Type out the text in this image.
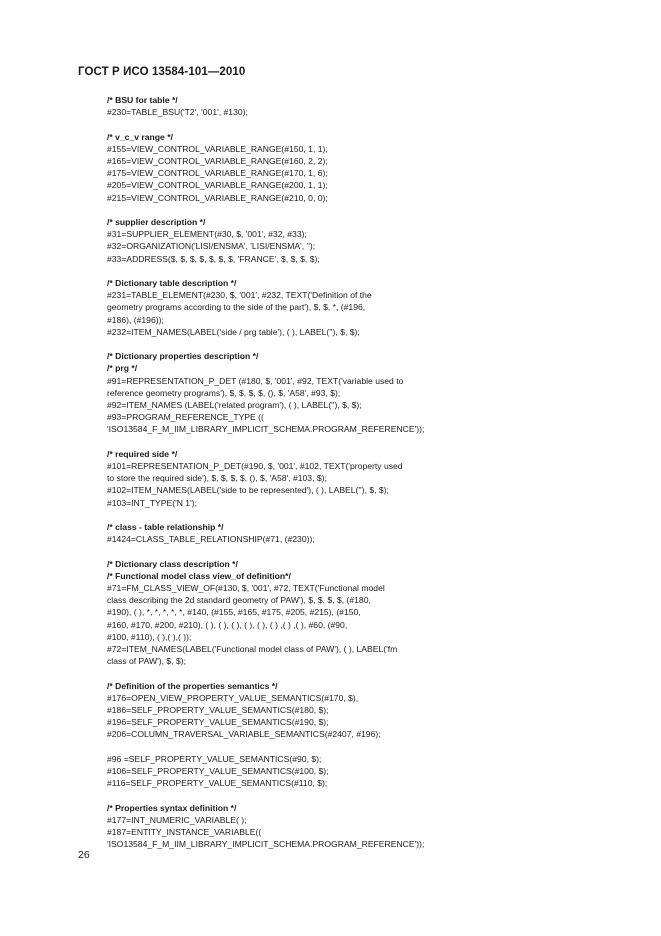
ГОСТ Р ИСО 13584-101—2010
/* BSU for table */
#230=TABLE_BSU('T2', '001', #130);
/* v_c_v range */
#155=VIEW_CONTROL_VARIABLE_RANGE(#150, 1, 1);
#165=VIEW_CONTROL_VARIABLE_RANGE(#160, 2, 2);
#175=VIEW_CONTROL_VARIABLE_RANGE(#170, 1, 6);
#205=VIEW_CONTROL_VARIABLE_RANGE(#200, 1, 1);
#215=VIEW_CONTROL_VARIABLE_RANGE(#210, 0, 0);
/* supplier description */
#31=SUPPLIER_ELEMENT(#30, $, '001', #32, #33);
#32=ORGANIZATION('LISI/ENSMA', 'LISI/ENSMA', '');
#33=ADDRESS($, $, $, $, $, $, $, 'FRANCE', $, $, $, $);
/* Dictionary table description */
#231=TABLE_ELEMENT(#230, $, '001', #232, TEXT('Definition of the
geometry programs according to the side of the part'), $, $, *, (#196,
#186), (#196));
#232=ITEM_NAMES(LABEL('side / prg table'), ( ), LABEL(''), $, $);
/* Dictionary properties description */
/* prg */
#91=REPRESENTATION_P_DET (#180, $, '001', #92, TEXT('variable used to
reference geometry programs'), $, $, $, $, (), $, 'A58', #93, $);
#92=ITEM_NAMES (LABEL('related program'), ( ), LABEL(''), $, $);
#93=PROGRAM_REFERENCE_TYPE ((
'ISO13584_F_M_IIM_LIBRARY_IMPLICIT_SCHEMA.PROGRAM_REFERENCE'));
/* required side */
#101=REPRESENTATION_P_DET(#190, $, '001', #102, TEXT('property used
to store the required side'), $, $, $, $, (), $, 'A58', #103, $);
#102=ITEM_NAMES(LABEL('side to be represented'), ( ), LABEL(''), $, $);
#103=INT_TYPE('N 1');
/* class - table relationship */
#1424=CLASS_TABLE_RELATIONSHIP(#71, (#230));
/* Dictionary class description */
/* Functional model class view_of definition*/
#71=FM_CLASS_VIEW_OF(#130, $, '001', #72, TEXT('Functional model
class describing the 2d standard geometry of PAW'), $, $, $, $, (#180,
#190), ( ), *, *, *, *, *, #140, (#155, #165, #175, #205, #215), (#150,
#160, #170, #200, #210), ( ), ( ), ( ), ( ), ( ), ( ) ,( ) ,( ), #60, (#90,
#100, #110), ( ),( ),( ));
#72=ITEM_NAMES(LABEL('Functional model class of PAW'), ( ), LABEL('fm
class of PAW'), $, $);
/* Definition of the properties semantics */
#176=OPEN_VIEW_PROPERTY_VALUE_SEMANTICS(#170, $),
#186=SELF_PROPERTY_VALUE_SEMANTICS(#180, $);
#196=SELF_PROPERTY_VALUE_SEMANTICS(#190, $);
#206=COLUMN_TRAVERSAL_VARIABLE_SEMANTICS(#2407, #196);
#96 =SELF_PROPERTY_VALUE_SEMANTICS(#90, $);
#106=SELF_PROPERTY_VALUE_SEMANTICS(#100, $);
#116=SELF_PROPERTY_VALUE_SEMANTICS(#110, $);
/* Properties syntax definition */
#177=INT_NUMERIC_VARIABLE( );
#187=ENTITY_INSTANCE_VARIABLE((
'ISO13584_F_M_IIM_LIBRARY_IMPLICIT_SCHEMA.PROGRAM_REFERENCE'));
26
